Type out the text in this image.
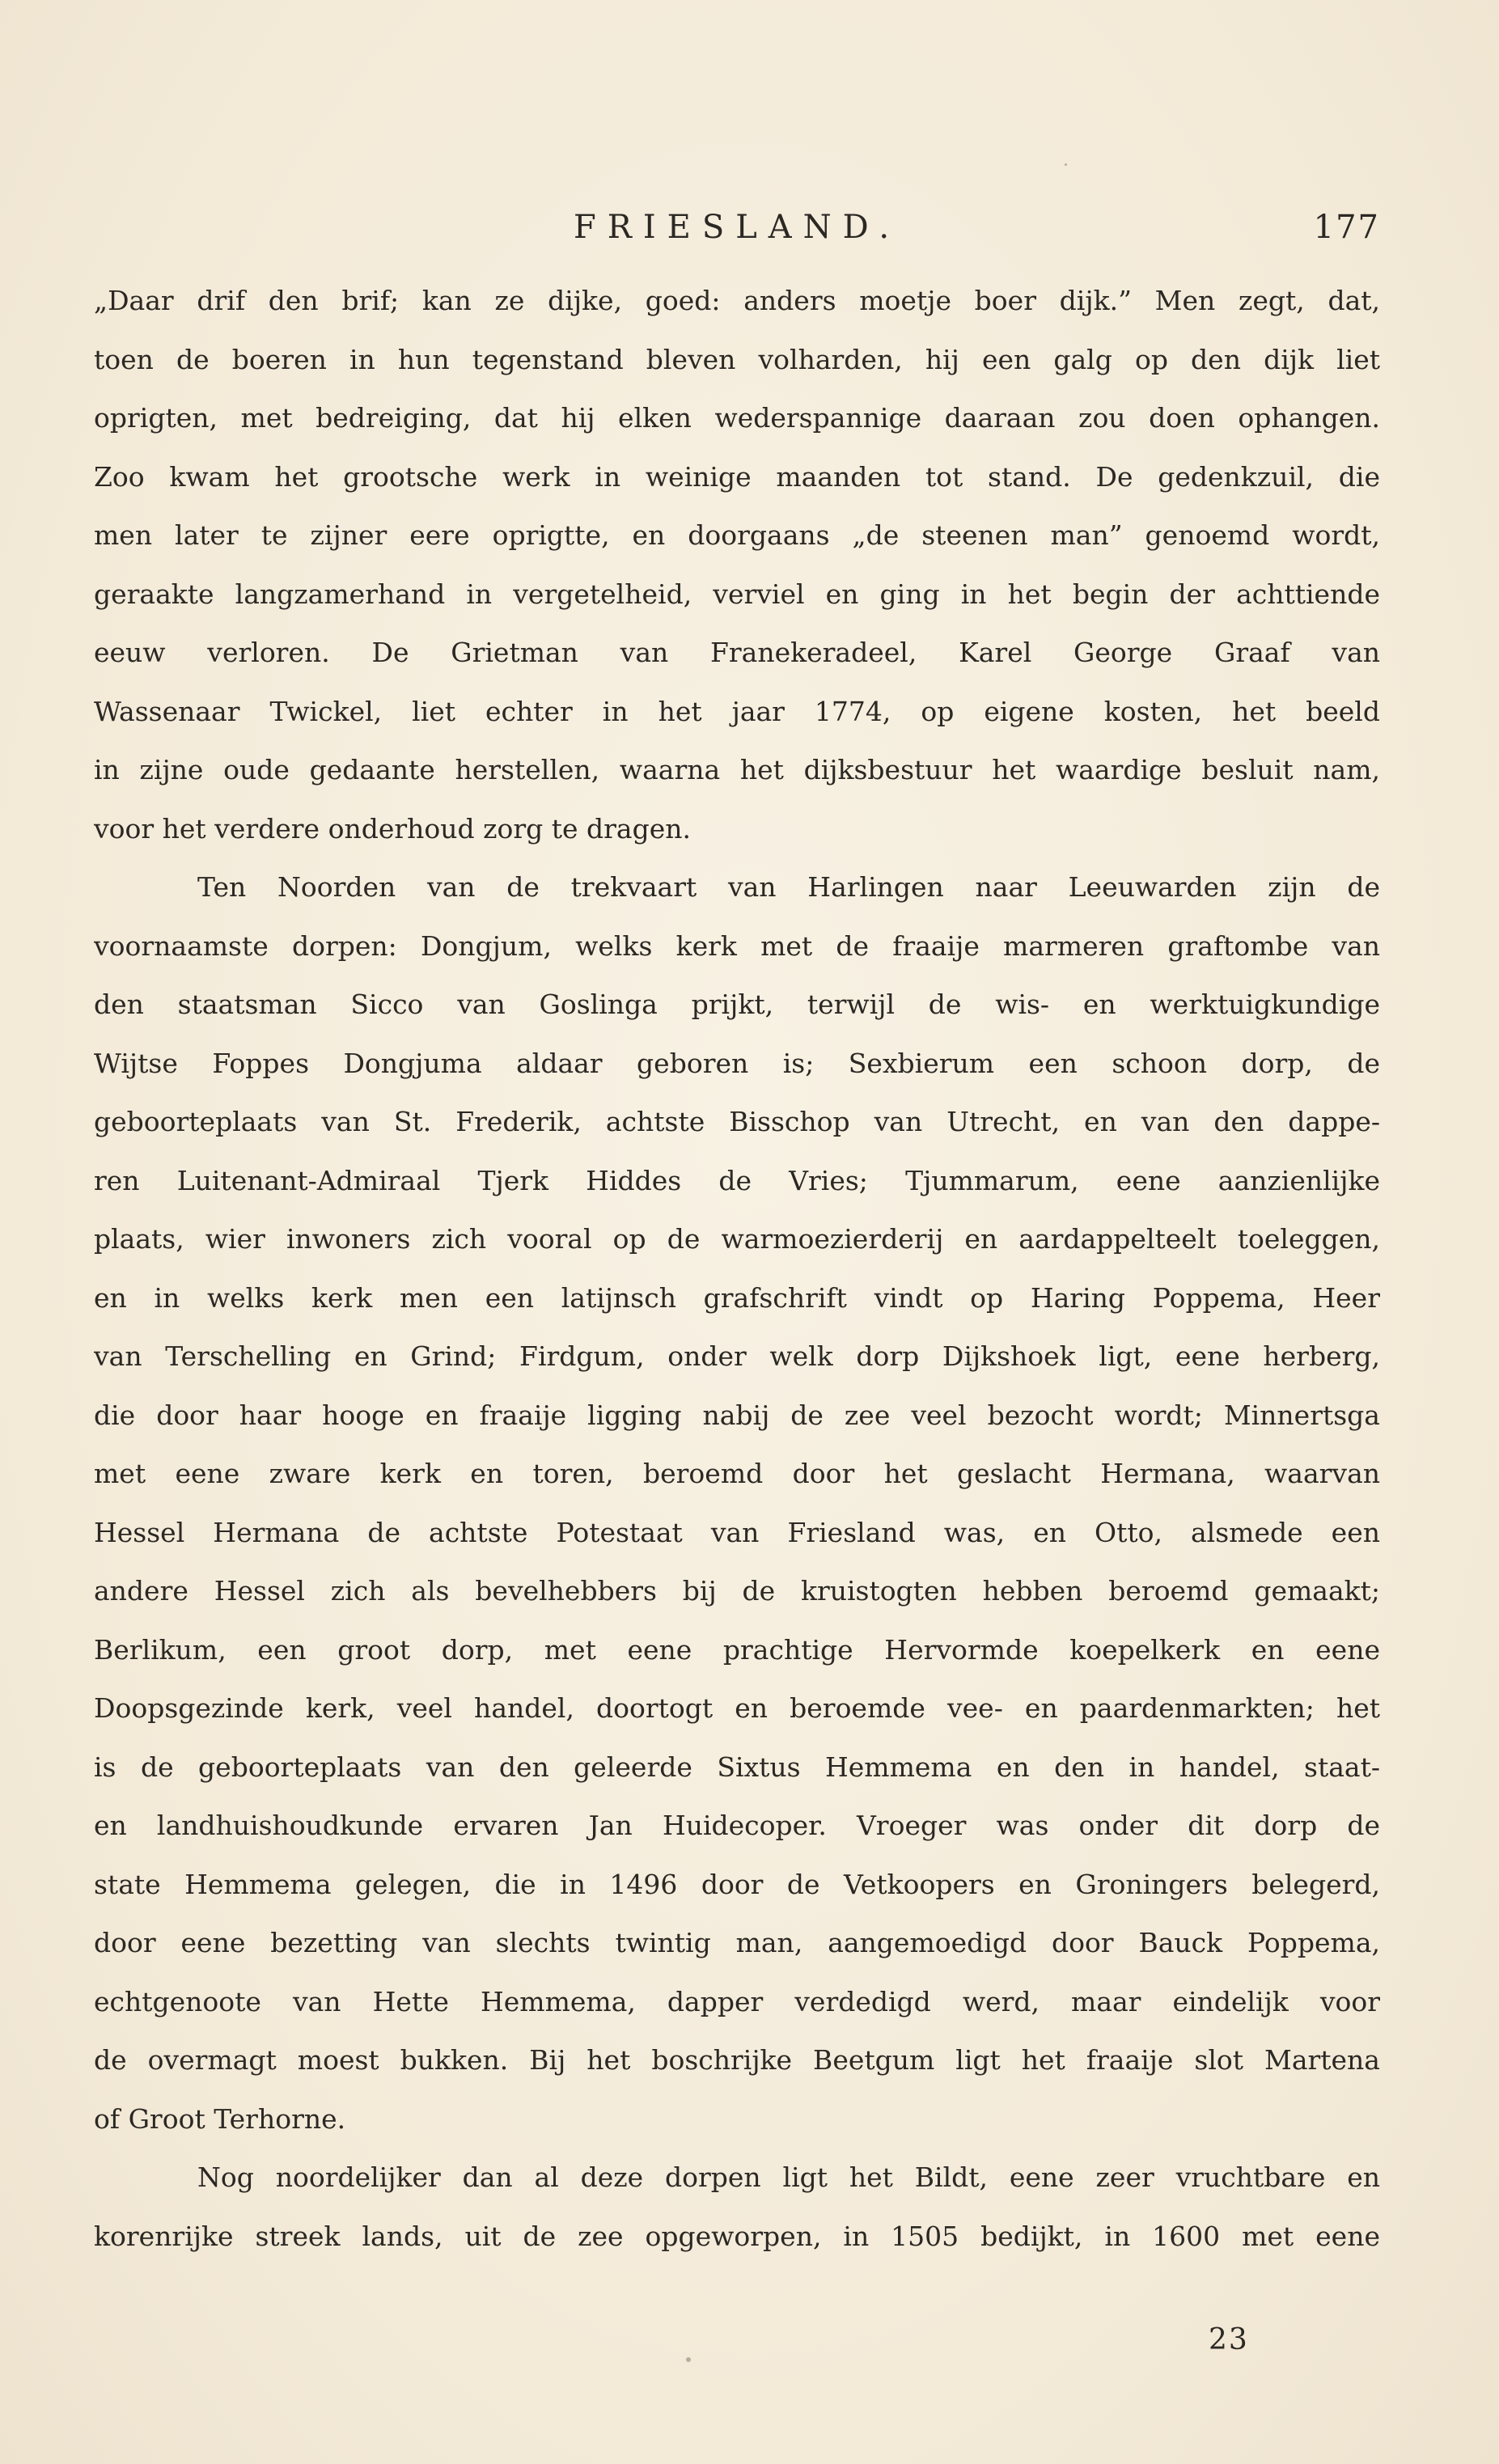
FRIESLAND.	177
„Daar drif den brif; kan ze dijke, goed: anders moetje boer dijk.” Men zegt, dat,
toen de boeren in hun tegenstand bleven volharden, hij een galg op den dijk liet
oprigten, met bedreiging, dat hij elken wederspannige daaraan zou doen ophangen.
Zoo kwam het grootsche werk in weinige maanden tot stand. De gedenkzuil, die
men later te zijner eere oprigtte, en doorgaans „de steenen man” genoemd wordt,
geraakte langzamerhand in vergetelheid, verviel en ging in het begin der achttiende
eeuw verloren. De Grietman van Franekeradeel, Karel George Graaf van
Wassenaar Twickel, liet echter in het jaar 1774, op eigene kosten, het beeld
in zijne oude gedaante herstellen, waarna het dijksbestuur het waardige besluit nam,
voor het verdere onderhoud zorg te dragen.
Ten Noorden van de trekvaart van Harlingen naar Leeuwarden zijn de
voornaamste dorpen: Dongjum, welks kerk met de fraaije marmeren graftombe van
den staatsman Sicco van Goslinga prijkt, terwijl de wis- en werktuigkundige
Wijtse Foppes Dongjuma aldaar geboren is; Sexbierum een schoon dorp, de
geboorteplaats van St. Frederik, achtste Bisschop van Utrecht, en van den dappe-
ren Luitenant-Admiraal Tjerk Hiddes de Vries; Tjummarum, eene aanzienlijke
plaats, wier inwoners zich vooral op de warmoezierderij en aardappelteelt toeleggen,
en in welks kerk men een latijnsch grafschrift vindt op Haring Poppema, Heer
van Terschelling en Grind; Firdgum, onder welk dorp Dijkshoek ligt, eene herberg,
die door haar hooge en fraaije ligging nabij de zee veel bezocht wordt; Minnertsga
met eene zware kerk en toren, beroemd door het geslacht Hermana, waarvan
Hessel Hermana de achtste Potestaat van Friesland was, en Otto, alsmede een
andere Hessel zich als bevelhebbers bij de kruistogten hebben beroemd gemaakt;
Berlikum, een groot dorp, met eene prachtige Hervormde koepelkerk en eene
Doopsgezinde kerk, veel handel, doortogt en beroemde vee- en paardenmarkten; het
is de geboorteplaats van den geleerde Sixtus Hemmema en den in handel, staat-
en landhuishoudkunde ervaren Jan Huidecoper. Vroeger was onder dit dorp de
state Hemmema gelegen, die in 1496 door de Vetkoopers en Groningers belegerd,
door eene bezetting van slechts twintig man, aangemoedigd door Bauck Poppema,
echtgenoote van Hette Hemmema, dapper verdedigd werd, maar eindelijk voor
de overmagt moest bukken. Bij het boschrijke Beetgum ligt het fraaije slot Martena
of Groot Terhorne.
Nog noordelijker dan al deze dorpen ligt het Bildt, eene zeer vruchtbare en
korenrijke streek lands, uit de zee opgeworpen, in 1505 bedijkt, in 1600 met eene
23
